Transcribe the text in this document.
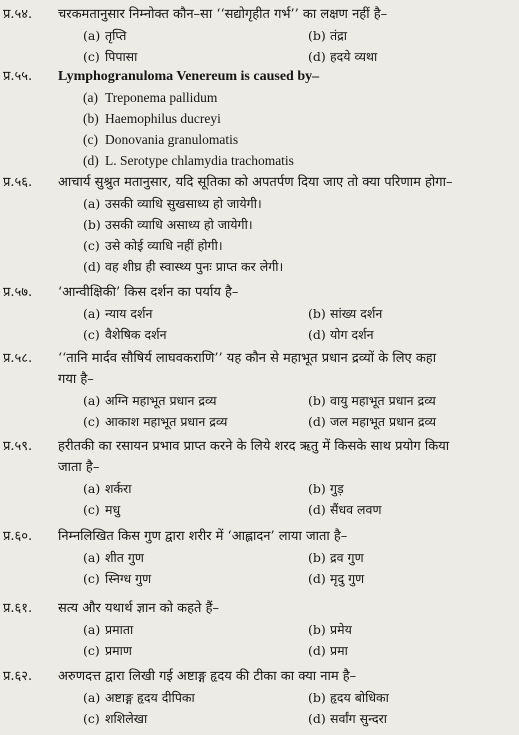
प्र.५४.	चरकमतानुसार निम्नोक्त कौन–सा ‘‘सद्योगृहीत गर्भ’’ का लक्षण नहीं है–
(a) तृप्ति	(b) तंद्रा
(c) पिपासा	(d) हदये व्यथा
प्र.५५.	Lymphogranuloma Venereum is caused by–
(a) Treponema pallidum
(b) Haemophilus ducreyi
(c) Donovania granulomatis
(d) L. Serotype chlamydia trachomatis
प्र.५६.	आचार्य सुश्रुत मतानुसार, यदि सूतिका को अपतर्पण दिया जाए तो क्या परिणाम होगा–
(a) उसकी व्याधि सुखसाध्य हो जायेगी।
(b) उसकी व्याधि असाध्य हो जायेगी।
(c) उसे कोई व्याधि नहीं होगी।
(d) वह शीघ्र ही स्वास्थ्य पुनः प्राप्त कर लेगी।
प्र.५७.	‘आन्वीक्षिकी’ किस दर्शन का पर्याय है–
(a) न्याय दर्शन	(b) सांख्य दर्शन
(c) वैशेषिक दर्शन	(d) योग दर्शन
प्र.५८.	‘‘तानि मार्दव सौषिर्य लाघवकराणि’’ यह कौन से महाभूत प्रधान द्रव्यों के लिए कहा
गया है–
(a) अग्नि महाभूत प्रधान द्रव्य	(b) वायु महाभूत प्रधान द्रव्य
(c) आकाश महाभूत प्रधान द्रव्य	(d) जल महाभूत प्रधान द्रव्य
प्र.५९.	हरीतकी का रसायन प्रभाव प्राप्त करने के लिये शरद ऋतु में किसके साथ प्रयोग किया
जाता है–
(a) शर्करा	(b) गुड़
(c) मधु	(d) सैंधव लवण
प्र.६०.	निम्नलिखित किस गुण द्वारा शरीर में ‘आह्लादन’ लाया जाता है–
(a) शीत गुण	(b) द्रव गुण
(c) स्निग्ध गुण	(d) मृदु गुण
प्र.६१.	सत्य और यथार्थ ज्ञान को कहते हैं–
(a) प्रमाता	(b) प्रमेय
(c) प्रमाण	(d) प्रमा
प्र.६२.	अरुणदत्त द्वारा लिखी गई अष्टाङ्ग हृदय की टीका का क्या नाम है–
(a) अष्टाङ्ग हृदय दीपिका	(b) हृदय बोधिका
(c) शशिलेखा	(d) सर्वांग सुन्दरा
